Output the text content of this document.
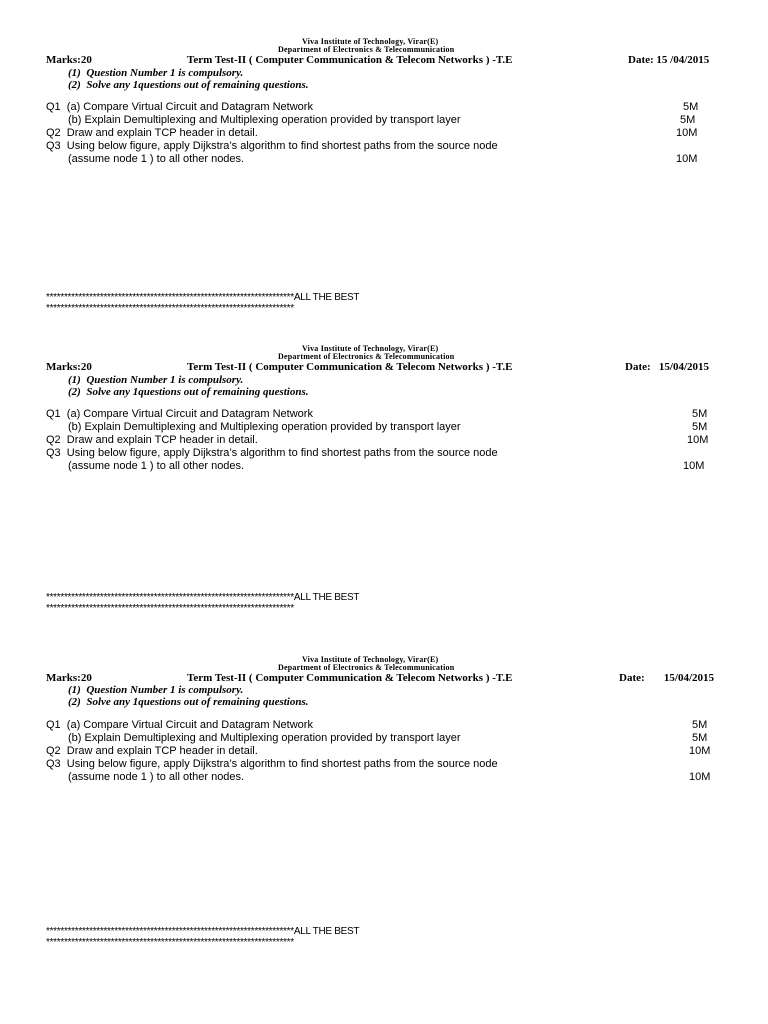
Viva Institute of Technology, Virar(E)
Department of Electronics & Telecommunication
Marks:20	Term Test-II ( Computer Communication & Telecom Networks ) -T.E	Date: 15 /04/2015
(1)  Question Number 1 is compulsory.
(2)  Solve any 1questions out of remaining questions.
Q1  (a) Compare Virtual Circuit and Datagram Network	5M
(b) Explain Demultiplexing and Multiplexing operation provided by transport layer	5M
Q2  Draw and explain TCP header in detail.	10M
Q3  Using below figure, apply Dijkstra’s algorithm to find shortest paths from the source node
(assume node 1 ) to all other nodes.	10M
*********************************************************************ALL THE BEST
*********************************************************************
Viva Institute of Technology, Virar(E)
Department of Electronics & Telecommunication
Marks:20	Term Test-II ( Computer Communication & Telecom Networks ) -T.E	Date:   15/04/2015
(1)  Question Number 1 is compulsory.
(2)  Solve any 1questions out of remaining questions.
Q1  (a) Compare Virtual Circuit and Datagram Network	5M
(b) Explain Demultiplexing and Multiplexing operation provided by transport layer	5M
Q2  Draw and explain TCP header in detail.	10M
Q3  Using below figure, apply Dijkstra’s algorithm to find shortest paths from the source node
(assume node 1 ) to all other nodes.	10M
*********************************************************************ALL THE BEST
*********************************************************************
Viva Institute of Technology, Virar(E)
Department of Electronics & Telecommunication
Marks:20	Term Test-II ( Computer Communication & Telecom Networks ) -T.E	Date:       15/04/2015
(1)  Question Number 1 is compulsory.
(2)  Solve any 1questions out of remaining questions.
Q1  (a) Compare Virtual Circuit and Datagram Network	5M
(b) Explain Demultiplexing and Multiplexing operation provided by transport layer	5M
Q2  Draw and explain TCP header in detail.	10M
Q3  Using below figure, apply Dijkstra’s algorithm to find shortest paths from the source node
(assume node 1 ) to all other nodes.	10M
*********************************************************************ALL THE BEST
*********************************************************************
